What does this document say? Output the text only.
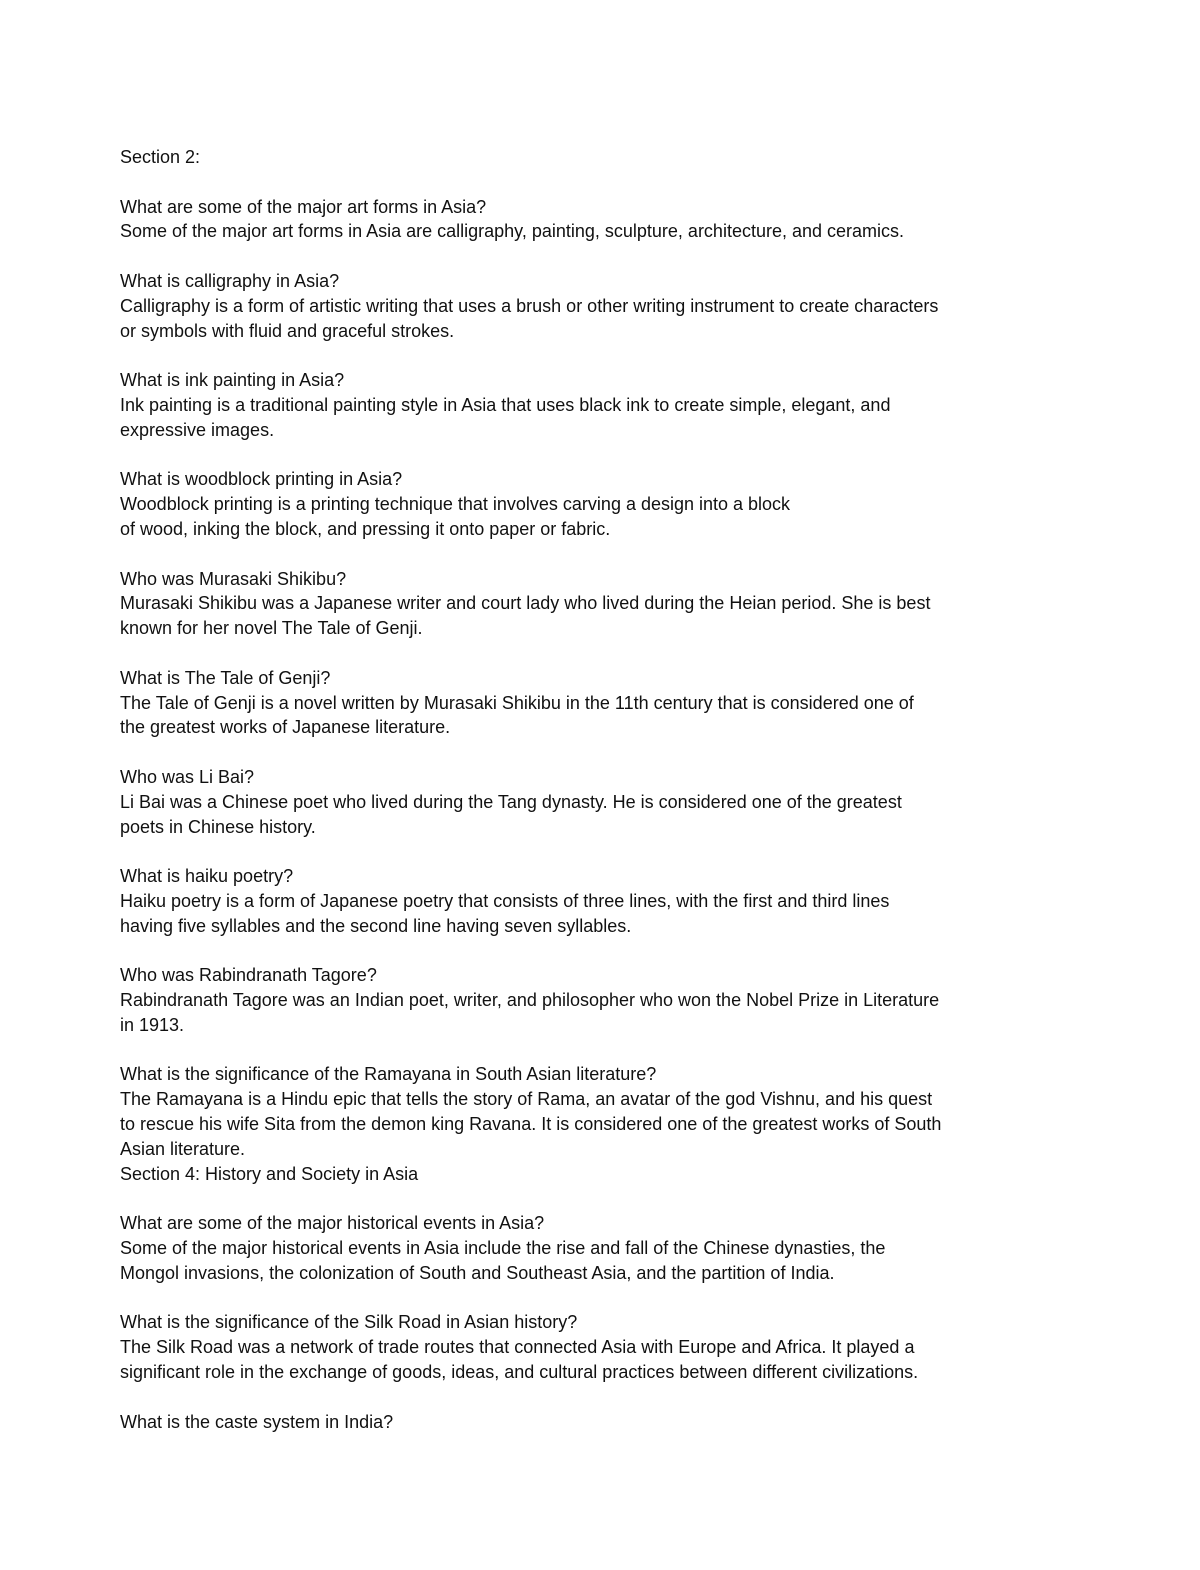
Section 2:
What are some of the major art forms in Asia?
Some of the major art forms in Asia are calligraphy, painting, sculpture, architecture, and ceramics.
What is calligraphy in Asia?
Calligraphy is a form of artistic writing that uses a brush or other writing instrument to create characters
or symbols with fluid and graceful strokes.
What is ink painting in Asia?
Ink painting is a traditional painting style in Asia that uses black ink to create simple, elegant, and
expressive images.
What is woodblock printing in Asia?
Woodblock printing is a printing technique that involves carving a design into a block
of wood, inking the block, and pressing it onto paper or fabric.
Who was Murasaki Shikibu?
Murasaki Shikibu was a Japanese writer and court lady who lived during the Heian period. She is best
known for her novel The Tale of Genji.
What is The Tale of Genji?
The Tale of Genji is a novel written by Murasaki Shikibu in the 11th century that is considered one of
the greatest works of Japanese literature.
Who was Li Bai?
Li Bai was a Chinese poet who lived during the Tang dynasty. He is considered one of the greatest
poets in Chinese history.
What is haiku poetry?
Haiku poetry is a form of Japanese poetry that consists of three lines, with the first and third lines
having five syllables and the second line having seven syllables.
Who was Rabindranath Tagore?
Rabindranath Tagore was an Indian poet, writer, and philosopher who won the Nobel Prize in Literature
in 1913.
What is the significance of the Ramayana in South Asian literature?
The Ramayana is a Hindu epic that tells the story of Rama, an avatar of the god Vishnu, and his quest
to rescue his wife Sita from the demon king Ravana. It is considered one of the greatest works of South
Asian literature.
Section 4: History and Society in Asia
What are some of the major historical events in Asia?
Some of the major historical events in Asia include the rise and fall of the Chinese dynasties, the
Mongol invasions, the colonization of South and Southeast Asia, and the partition of India.
What is the significance of the Silk Road in Asian history?
The Silk Road was a network of trade routes that connected Asia with Europe and Africa. It played a
significant role in the exchange of goods, ideas, and cultural practices between different civilizations.
What is the caste system in India?
